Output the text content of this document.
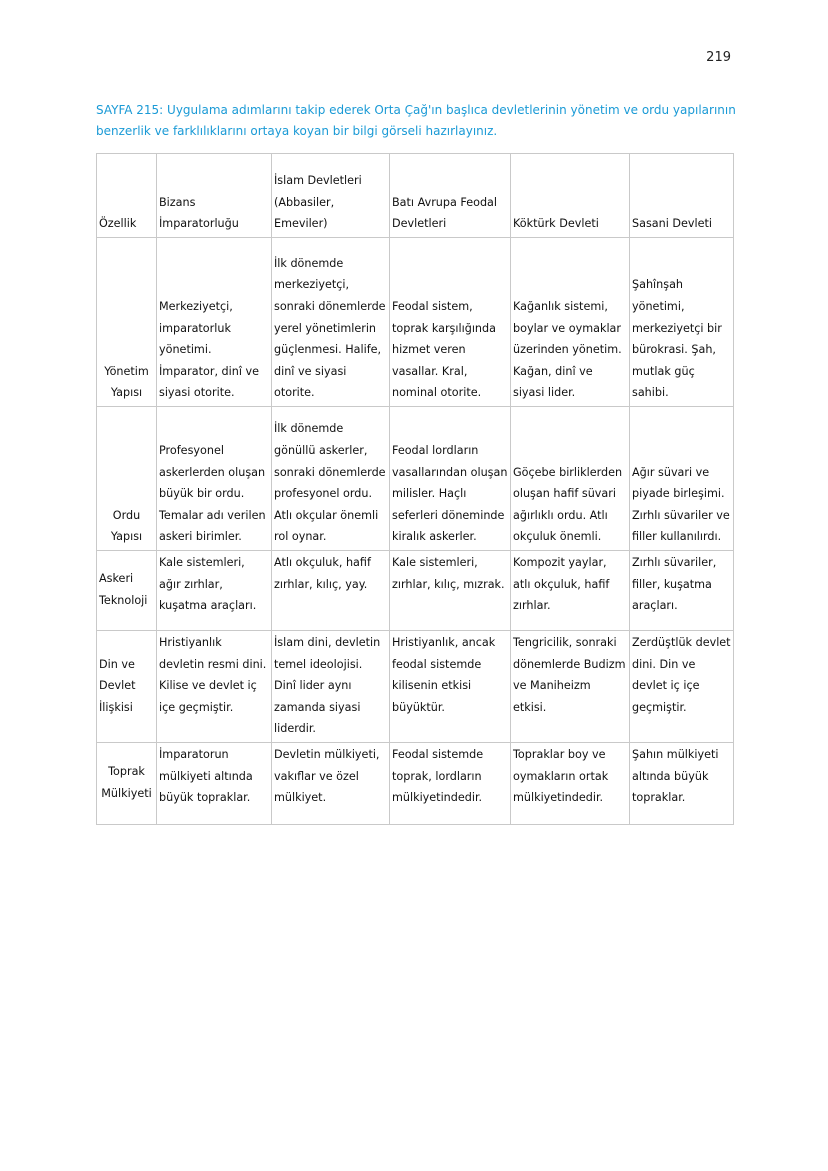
219
SAYFA 215: Uygulama adımlarını takip ederek Orta Çağ'ın başlıca devletlerinin yönetim ve ordu yapılarının benzerlik ve farklılıklarını ortaya koyan bir bilgi görseli hazırlayınız.
Özellik	Bizans İmparatorluğu	İslam Devletleri (Abbasiler, Emeviler)	Batı Avrupa Feodal Devletleri	Köktürk Devleti	Sasani Devleti
Yönetim Yapısı	Merkeziyetçi, imparatorluk yönetimi. İmparator, dinî ve siyasi otorite.	İlk dönemde merkeziyetçi, sonraki dönemlerde yerel yönetimlerin güçlenmesi. Halife, dinî ve siyasi otorite.	Feodal sistem, toprak karşılığında hizmet veren vasallar. Kral, nominal otorite.	Kağanlık sistemi, boylar ve oymaklar üzerinden yönetim. Kağan, dinî ve siyasi lider.	Şahînşah yönetimi, merkeziyetçi bir bürokrasi. Şah, mutlak güç sahibi.
Ordu Yapısı	Profesyonel askerlerden oluşan büyük bir ordu. Temalar adı verilen askeri birimler.	İlk dönemde gönüllü askerler, sonraki dönemlerde profesyonel ordu. Atlı okçular önemli rol oynar.	Feodal lordların vasallarından oluşan milisler. Haçlı seferleri döneminde kiralık askerler.	Göçebe birliklerden oluşan hafif süvari ağırlıklı ordu. Atlı okçuluk önemli.	Ağır süvari ve piyade birleşimi. Zırhlı süvariler ve filler kullanılırdı.
Askeri Teknoloji	Kale sistemleri, ağır zırhlar, kuşatma araçları.	Atlı okçuluk, hafif zırhlar, kılıç, yay.	Kale sistemleri, zırhlar, kılıç, mızrak.	Kompozit yaylar, atlı okçuluk, hafif zırhlar.	Zırhlı süvariler, filler, kuşatma araçları.
Din ve Devlet İlişkisi	Hristiyanlık devletin resmi dini. Kilise ve devlet iç içe geçmiştir.	İslam dini, devletin temel ideolojisi. Dinî lider aynı zamanda siyasi liderdir.	Hristiyanlık, ancak feodal sistemde kilisenin etkisi büyüktür.	Tengricilik, sonraki dönemlerde Budizm ve Maniheizm etkisi.	Zerdüştlük devlet dini. Din ve devlet iç içe geçmiştir.
Toprak Mülkiyeti	İmparatorun mülkiyeti altında büyük topraklar.	Devletin mülkiyeti, vakıflar ve özel mülkiyet.	Feodal sistemde toprak, lordların mülkiyetindedir.	Topraklar boy ve oymakların ortak mülkiyetindedir.	Şahın mülkiyeti altında büyük topraklar.
